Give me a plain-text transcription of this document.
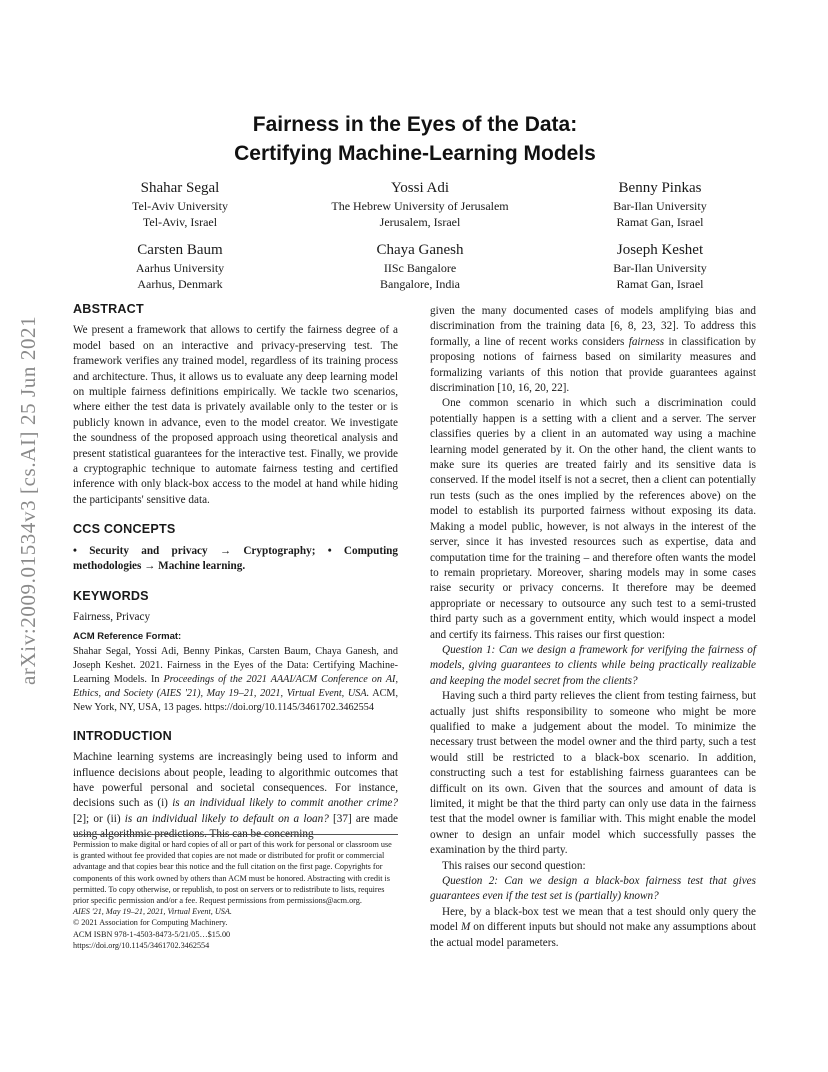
arXiv:2009.01534v3 [cs.AI] 25 Jun 2021
Fairness in the Eyes of the Data:
Certifying Machine-Learning Models
Shahar Segal
Tel-Aviv University
Tel-Aviv, Israel
Yossi Adi
The Hebrew University of Jerusalem
Jerusalem, Israel
Benny Pinkas
Bar-Ilan University
Ramat Gan, Israel
Carsten Baum
Aarhus University
Aarhus, Denmark
Chaya Ganesh
IISc Bangalore
Bangalore, India
Joseph Keshet
Bar-Ilan University
Ramat Gan, Israel
ABSTRACT

We present a framework that allows to certify the fairness degree of a model based on an interactive and privacy-preserving test. The framework verifies any trained model, regardless of its training process and architecture. Thus, it allows us to evaluate any deep learning model on multiple fairness definitions empirically. We tackle two scenarios, where either the test data is privately available only to the tester or is publicly known in advance, even to the model creator. We investigate the soundness of the proposed approach using theoretical analysis and present statistical guarantees for the interactive test. Finally, we provide a cryptographic technique to automate fairness testing and certified inference with only black-box access to the model at hand while hiding the participants' sensitive data.

CCS CONCEPTS

• Security and privacy → Cryptography; • Computing methodologies → Machine learning.

KEYWORDS

Fairness, Privacy

ACM Reference Format:

Shahar Segal, Yossi Adi, Benny Pinkas, Carsten Baum, Chaya Ganesh, and Joseph Keshet. 2021. Fairness in the Eyes of the Data: Certifying Machine-Learning Models. In Proceedings of the 2021 AAAI/ACM Conference on AI, Ethics, and Society (AIES '21), May 19–21, 2021, Virtual Event, USA. ACM, New York, NY, USA, 13 pages. https://doi.org/10.1145/3461702.3462554

INTRODUCTION

Machine learning systems are increasingly being used to inform and influence decisions about people, leading to algorithmic outcomes that have powerful personal and societal consequences. For instance, decisions such as (i) is an individual likely to commit another crime? [2]; or (ii) is an individual likely to default on a loan? [37] are made using algorithmic predictions. This can be concerning

Permission to make digital or hard copies of all or part of this work for personal or classroom use is granted without fee provided that copies are not made or distributed for profit or commercial advantage and that copies bear this notice and the full citation on the first page. Copyrights for components of this work owned by others than ACM must be honored. Abstracting with credit is permitted. To copy otherwise, or republish, to post on servers or to redistribute to lists, requires prior specific permission and/or a fee. Request permissions from permissions@acm.org.
AIES '21, May 19–21, 2021, Virtual Event, USA.
© 2021 Association for Computing Machinery.
ACM ISBN 978-1-4503-8473-5/21/05…$15.00
https://doi.org/10.1145/3461702.3462554

given the many documented cases of models amplifying bias and discrimination from the training data [6, 8, 23, 32]. To address this formally, a line of recent works considers fairness in classification by proposing notions of fairness based on similarity measures and formalizing variants of this notion that provide guarantees against discrimination [10, 16, 20, 22].

One common scenario in which such a discrimination could potentially happen is a setting with a client and a server. The server classifies queries by a client in an automated way using a machine learning model generated by it. On the other hand, the client wants to make sure its queries are treated fairly and its sensitive data is conserved. If the model itself is not a secret, then a client can potentially run tests (such as the ones implied by the references above) on the model to establish its purported fairness without exposing its data. Making a model public, however, is not always in the interest of the server, since it has invested resources such as expertise, data and computation time for the training – and therefore often wants the model to remain proprietary. Moreover, sharing models may in some cases raise security or privacy concerns. It therefore may be deemed appropriate or necessary to outsource any such test to a semi-trusted third party such as a government entity, which would inspect a model and certify its fairness. This raises our first question:

Question 1: Can we design a framework for verifying the fairness of models, giving guarantees to clients while being practically realizable and keeping the model secret from the clients?

Having such a third party relieves the client from testing fairness, but actually just shifts responsibility to someone who might be more qualified to make a judgement about the model. To minimize the necessary trust between the model owner and the third party, such a test would still be restricted to a black-box scenario. In addition, constructing such a test for establishing fairness guarantees can be difficult on its own. Given that the sources and amount of data is limited, it might be that the third party can only use data in the fairness test that the model owner is familiar with. This might enable the model owner to design an unfair model which successfully passes the examination by the third party.

This raises our second question:

Question 2: Can we design a black-box fairness test that gives guarantees even if the test set is (partially) known?

Here, by a black-box test we mean that a test should only query the model M on different inputs but should not make any assumptions about the actual model parameters.
